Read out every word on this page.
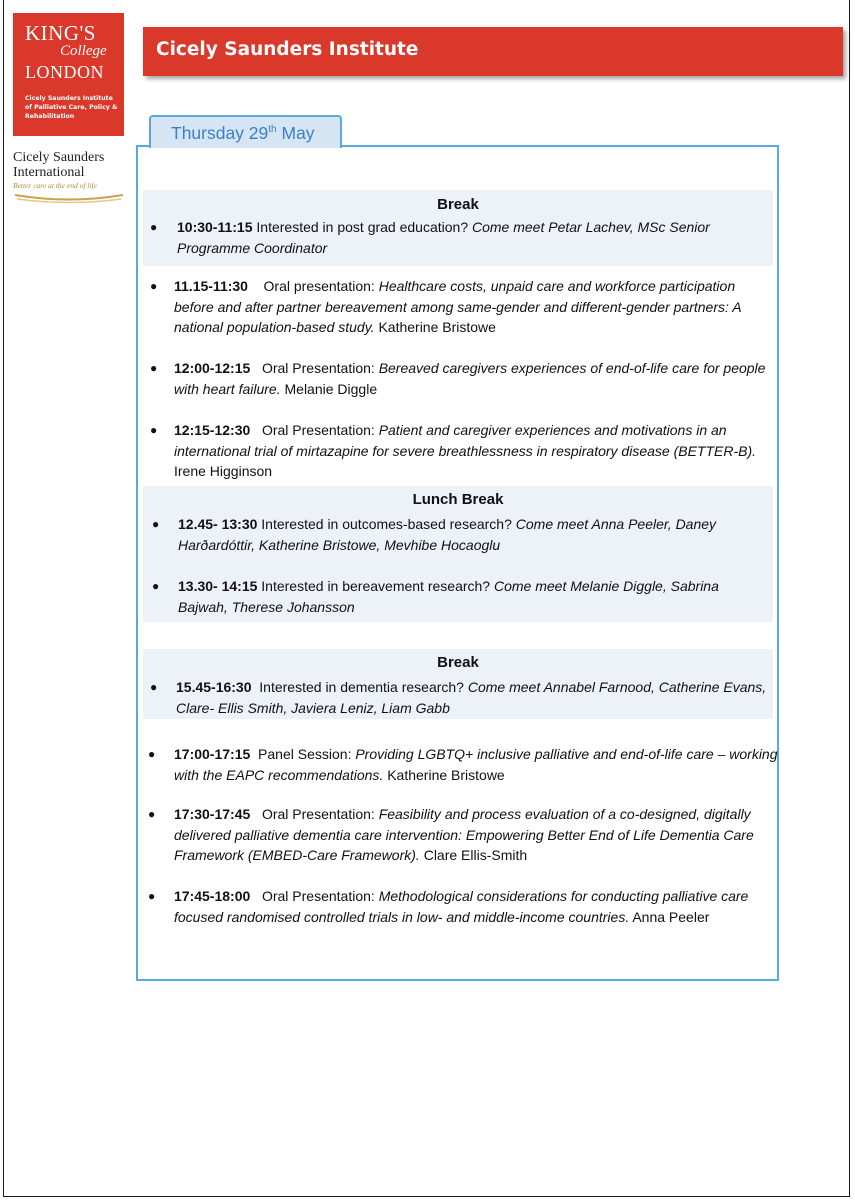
KING'S
College
LONDON
Cicely Saunders Institute of Palliative Care, Policy & Rehabilitation
Cicely Saunders
International
Better care at the end of life
Cicely Saunders Institute
Thursday 29th May
Break
Lunch Break
Break
● 10:30-11:15 Interested in post grad education? Come meet Petar Lachev, MSc Senior
Programme Coordinator
● 11.15-11:30    Oral presentation: Healthcare costs, unpaid care and workforce participation
before and after partner bereavement among same-gender and different-gender partners: A
national population-based study. Katherine Bristowe
● 12:00-12:15   Oral Presentation: Bereaved caregivers experiences of end-of-life care for people
with heart failure. Melanie Diggle
● 12:15-12:30   Oral Presentation: Patient and caregiver experiences and motivations in an
international trial of mirtazapine for severe breathlessness in respiratory disease (BETTER-B).
Irene Higginson
● 12.45- 13:30 Interested in outcomes-based research? Come meet Anna Peeler, Daney
Harðardóttir, Katherine Bristowe, Mevhibe Hocaoglu
● 13.30- 14:15 Interested in bereavement research? Come meet Melanie Diggle, Sabrina
Bajwah, Therese Johansson
● 15.45-16:30  Interested in dementia research? Come meet Annabel Farnood, Catherine Evans,
Clare- Ellis Smith, Javiera Leniz, Liam Gabb
● 17:00-17:15  Panel Session: Providing LGBTQ+ inclusive palliative and end-of-life care – working
with the EAPC recommendations. Katherine Bristowe
● 17:30-17:45   Oral Presentation: Feasibility and process evaluation of a co-designed, digitally
delivered palliative dementia care intervention: Empowering Better End of Life Dementia Care
Framework (EMBED-Care Framework). Clare Ellis-Smith
● 17:45-18:00   Oral Presentation: Methodological considerations for conducting palliative care
focused randomised controlled trials in low- and middle-income countries. Anna Peeler
